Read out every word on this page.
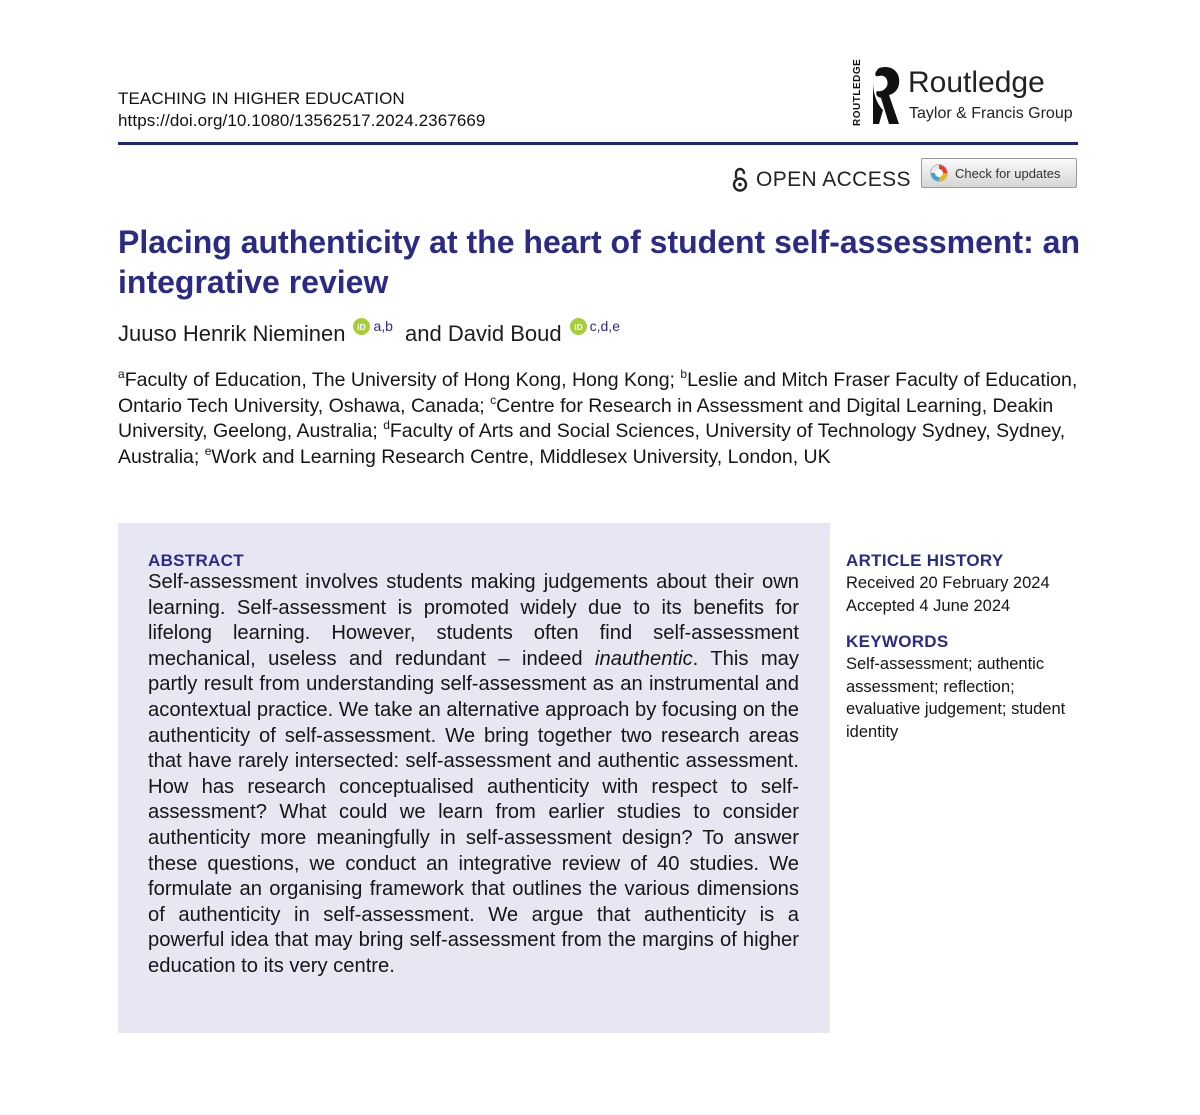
TEACHING IN HIGHER EDUCATION
https://doi.org/10.1080/13562517.2024.2367669	ROUTLEDGE Routledge
Taylor & Francis Group
OPEN ACCESS	Check for updates
Placing authenticity at the heart of student self-assessment: an integrative review
Juuso Henrik Nieminen iD $^{a,b}$ and David Boud iD $^{c,d,e}$
$^a$Faculty of Education, The University of Hong Kong, Hong Kong; $^b$Leslie and Mitch Fraser Faculty of Education, Ontario Tech University, Oshawa, Canada; $^c$Centre for Research in Assessment and Digital Learning, Deakin University, Geelong, Australia; $^d$Faculty of Arts and Social Sciences, University of Technology Sydney, Sydney, Australia; $^e$Work and Learning Research Centre, Middlesex University, London, UK
ABSTRACT
Self-assessment involves students making judgements about their own learning. Self-assessment is promoted widely due to its benefits for lifelong learning. However, students often find self-assessment mechanical, useless and redundant – indeed inauthentic. This may partly result from understanding self-assessment as an instrumental and acontextual practice. We take an alternative approach by focusing on the authenticity of self-assessment. We bring together two research areas that have rarely intersected: self-assessment and authentic assessment. How has research conceptualised authenticity with respect to self-assessment? What could we learn from earlier studies to consider authenticity more meaningfully in self-assessment design? To answer these questions, we conduct an integrative review of 40 studies. We formulate an organising framework that outlines the various dimensions of authenticity in self-assessment. We argue that authenticity is a powerful idea that may bring self-assessment from the margins of higher education to its very centre.
ARTICLE HISTORY
Received 20 February 2024
Accepted 4 June 2024
KEYWORDS
Self-assessment; authentic assessment; reflection; evaluative judgement; student identity
